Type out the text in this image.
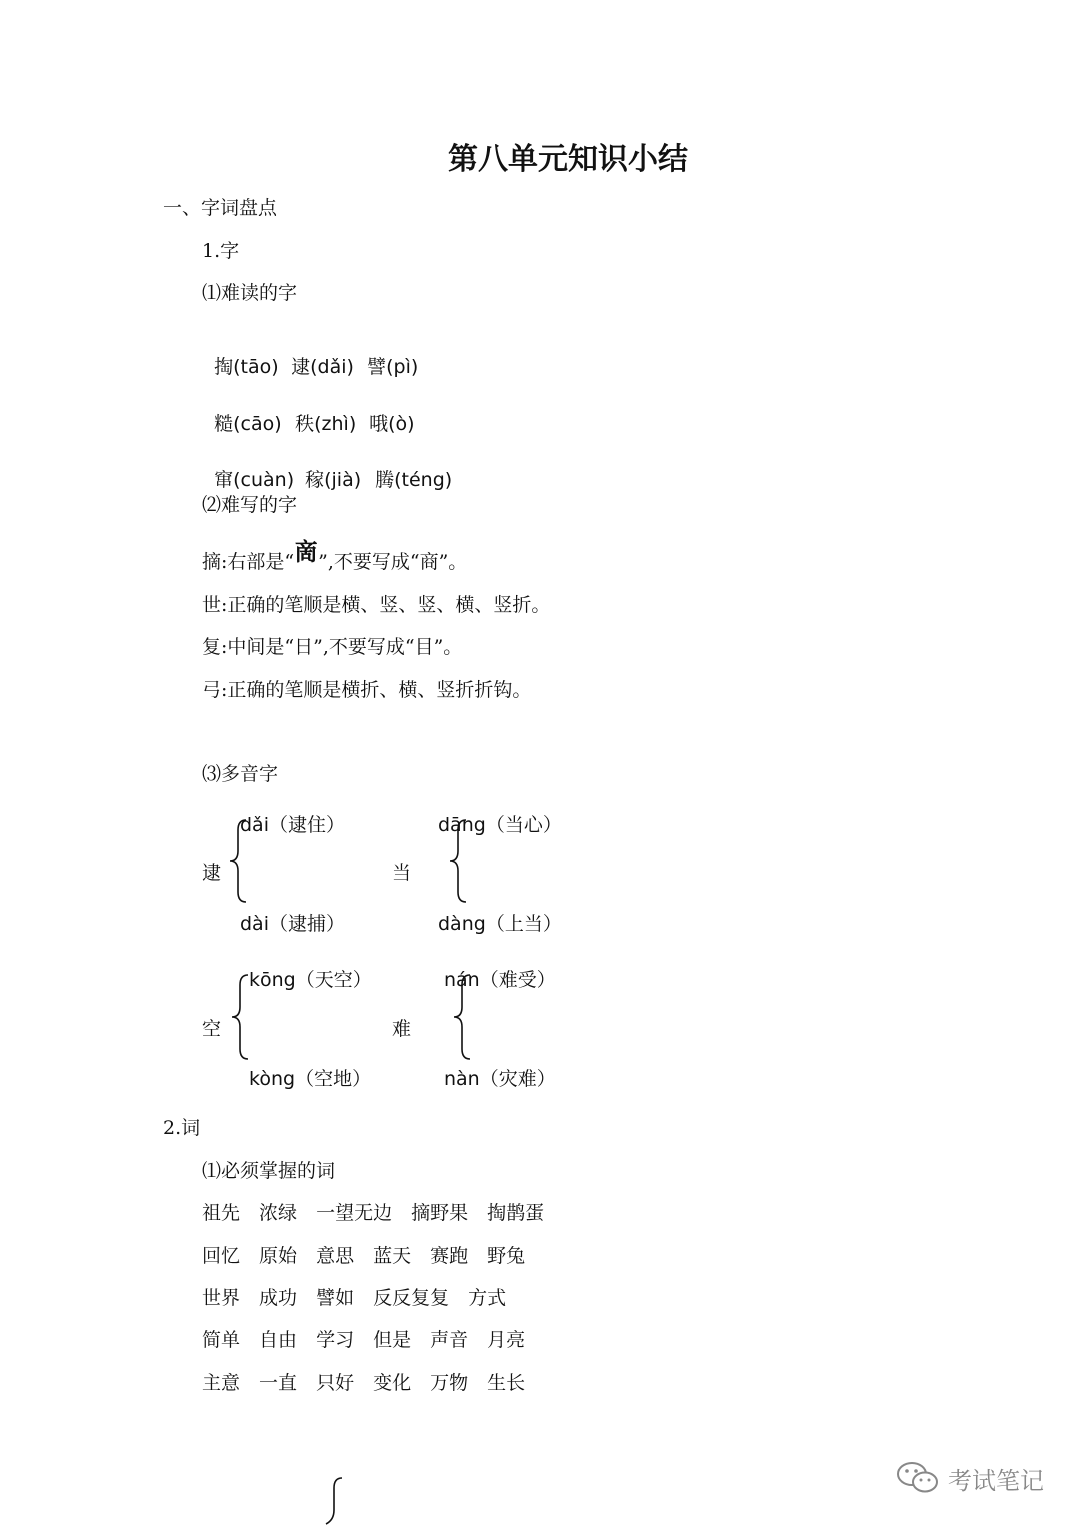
第八单元知识小结
一、字词盘点
1.字
⑴难读的字

掏(tāo) 逮(dǎi) 譬(pì)

糙(cāo) 秩(zhì) 哦(ò)

窜(cuàn) 稼(jià) 腾(téng)

⑵难写的字
摘:右部是“啇”,不要写成“商”。
世:正确的笔顺是横、竖、竖、横、竖折。
复:中间是“日”,不要写成“目”。
弓:正确的笔顺是横折、横、竖折折钩。
⑶多音字
逮
dǎi（逮住）
dài（逮捕）
当
dāng（当心）
dàng（上当）
空
kōng（天空）
kòng（空地）
难
nán（难受）
nàn（灾难）
2.词
⑴必须掌握的词
祖先　 浓绿　 一望无边　 摘野果　 掏鹊蛋
回忆　 原始　 意思　 蓝天　 赛跑　 野兔
世界　 成功　 譬如　 反反复复　 方式
简单　 自由　 学习　 但是　 声音　 月亮
主意　 一直　 只好　 变化　 万物　 生长
考试笔记
